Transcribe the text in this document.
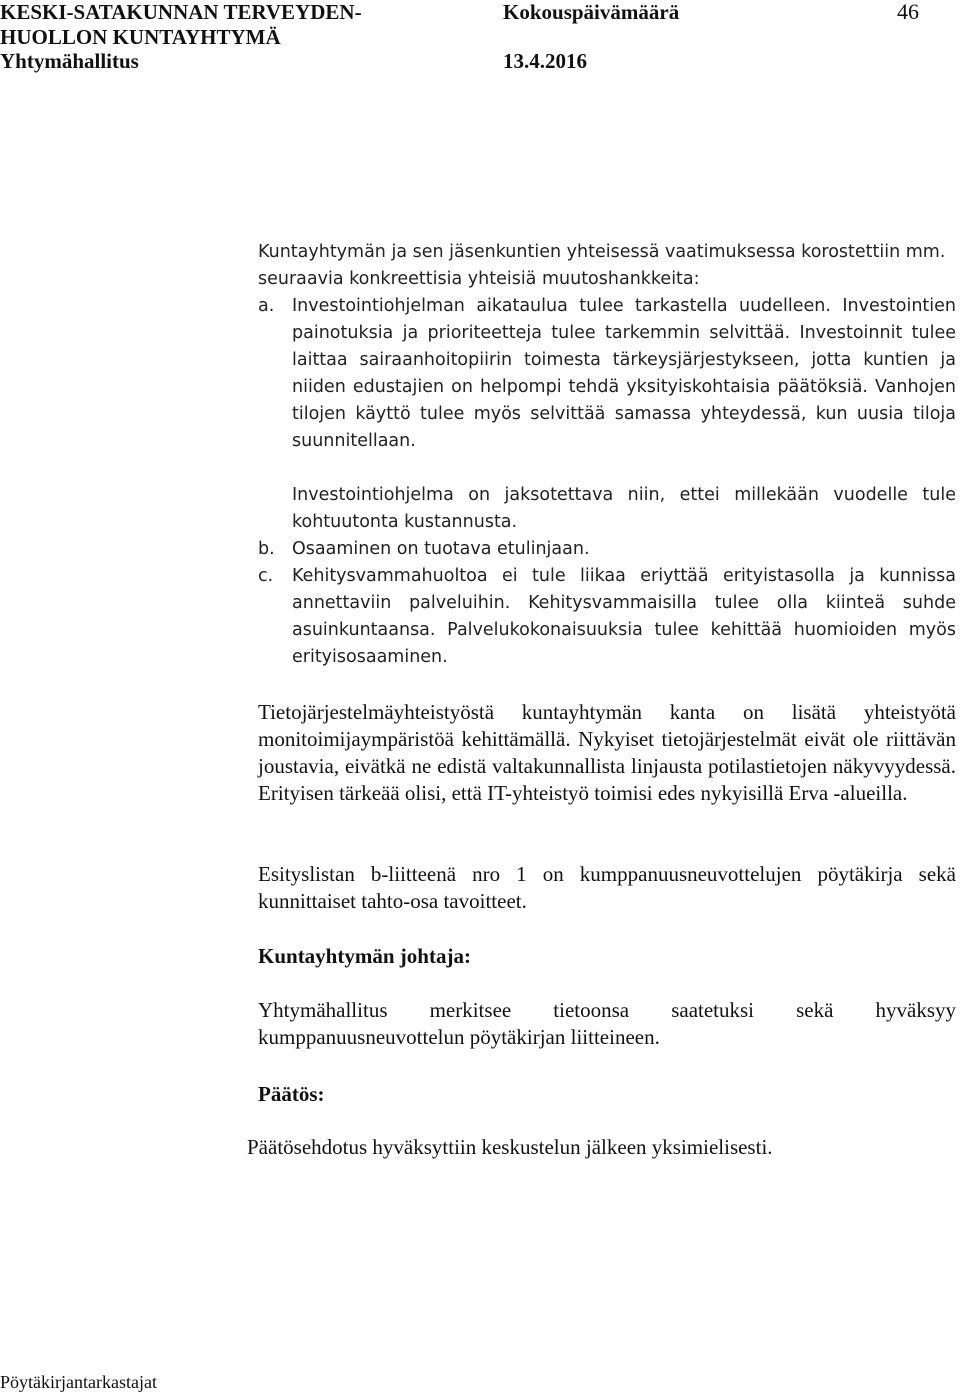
KESKI-SATAKUNNAN TERVEYDEN-
HUOLLON KUNTAYHTYMÄ
Yhtymähallitus
Kokouspäivämäärä
13.4.2016
46
Kuntayhtymän ja sen jäsenkuntien yhteisessä vaatimuksessa korostettiin mm. seuraavia konkreettisia yhteisiä muutoshankkeita:
a. Investointiohjelman aikataulua tulee tarkastella uudelleen. Investointien painotuksia ja prioriteetteja tulee tarkemmin selvittää. Investoinnit tulee laittaa sairaanhoitopiirin toimesta tärkeysjärjestykseen, jotta kuntien ja niiden edustajien on helpompi tehdä yksityiskohtaisia päätöksiä. Vanhojen tilojen käyttö tulee myös selvittää samassa yhteydessä, kun uusia tiloja suunnitellaan.
Investointiohjelma on jaksotettava niin, ettei millekään vuodelle tule kohtuutonta kustannusta.
b. Osaaminen on tuotava etulinjaan.
c. Kehitysvammahuoltoa ei tule liikaa eriyttää erityistasolla ja kunnissa annettaviin palveluihin. Kehitysvammaisilla tulee olla kiinteä suhde asuinkuntaansa. Palvelukokonaisuuksia tulee kehittää huomioiden myös erityisosaaminen.
Tietojärjestelmäyhteistyöstä kuntayhtymän kanta on lisätä yhteistyötä monitoimijaympäristöä kehittämällä. Nykyiset tietojärjestelmät eivät ole riittävän joustavia, eivätkä ne edistä valtakunnallista linjausta potilastietojen näkyvyydessä. Erityisen tärkeää olisi, että IT-yhteistyö toimisi edes nykyisillä Erva -alueilla.
Esityslistan b-liitteenä nro 1 on kumppanuusneuvottelujen pöytäkirja sekä kunnittaiset tahto-osa tavoitteet.
Kuntayhtymän johtaja:
Yhtymähallitus merkitsee tietoonsa saatetuksi sekä hyväksyy kumppanuusneuvottelun pöytäkirjan liitteineen.
Päätös:
Päätösehdotus hyväksyttiin keskustelun jälkeen yksimielisesti.
Pöytäkirjantarkastajat
